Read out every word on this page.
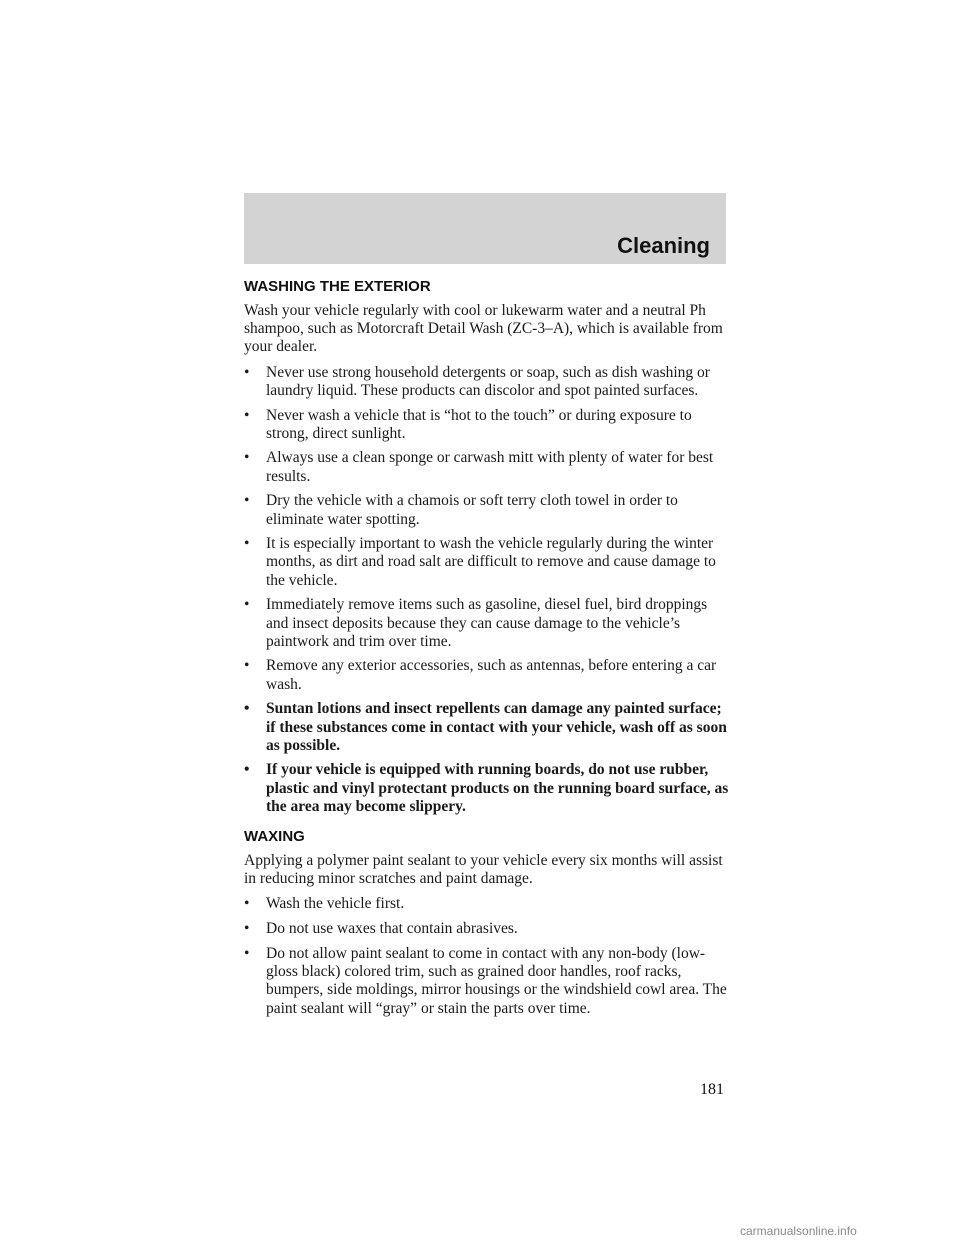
Cleaning
WASHING THE EXTERIOR

Wash your vehicle regularly with cool or lukewarm water and a neutral Ph shampoo, such as Motorcraft Detail Wash (ZC-3–A), which is available from your dealer.

• Never use strong household detergents or soap, such as dish washing or laundry liquid. These products can discolor and spot painted surfaces.
• Never wash a vehicle that is “hot to the touch” or during exposure to strong, direct sunlight.
• Always use a clean sponge or carwash mitt with plenty of water for best results.
• Dry the vehicle with a chamois or soft terry cloth towel in order to eliminate water spotting.
• It is especially important to wash the vehicle regularly during the winter months, as dirt and road salt are difficult to remove and cause damage to the vehicle.
• Immediately remove items such as gasoline, diesel fuel, bird droppings and insect deposits because they can cause damage to the vehicle’s paintwork and trim over time.
• Remove any exterior accessories, such as antennas, before entering a car wash.
• Suntan lotions and insect repellents can damage any painted surface; if these substances come in contact with your vehicle, wash off as soon as possible.
• If your vehicle is equipped with running boards, do not use rubber, plastic and vinyl protectant products on the running board surface, as the area may become slippery.
WAXING

Applying a polymer paint sealant to your vehicle every six months will assist in reducing minor scratches and paint damage.

• Wash the vehicle first.
• Do not use waxes that contain abrasives.
• Do not allow paint sealant to come in contact with any non-body (low-gloss black) colored trim, such as grained door handles, roof racks, bumpers, side moldings, mirror housings or the windshield cowl area. The paint sealant will “gray” or stain the parts over time.
181
carmanualsonline.info
